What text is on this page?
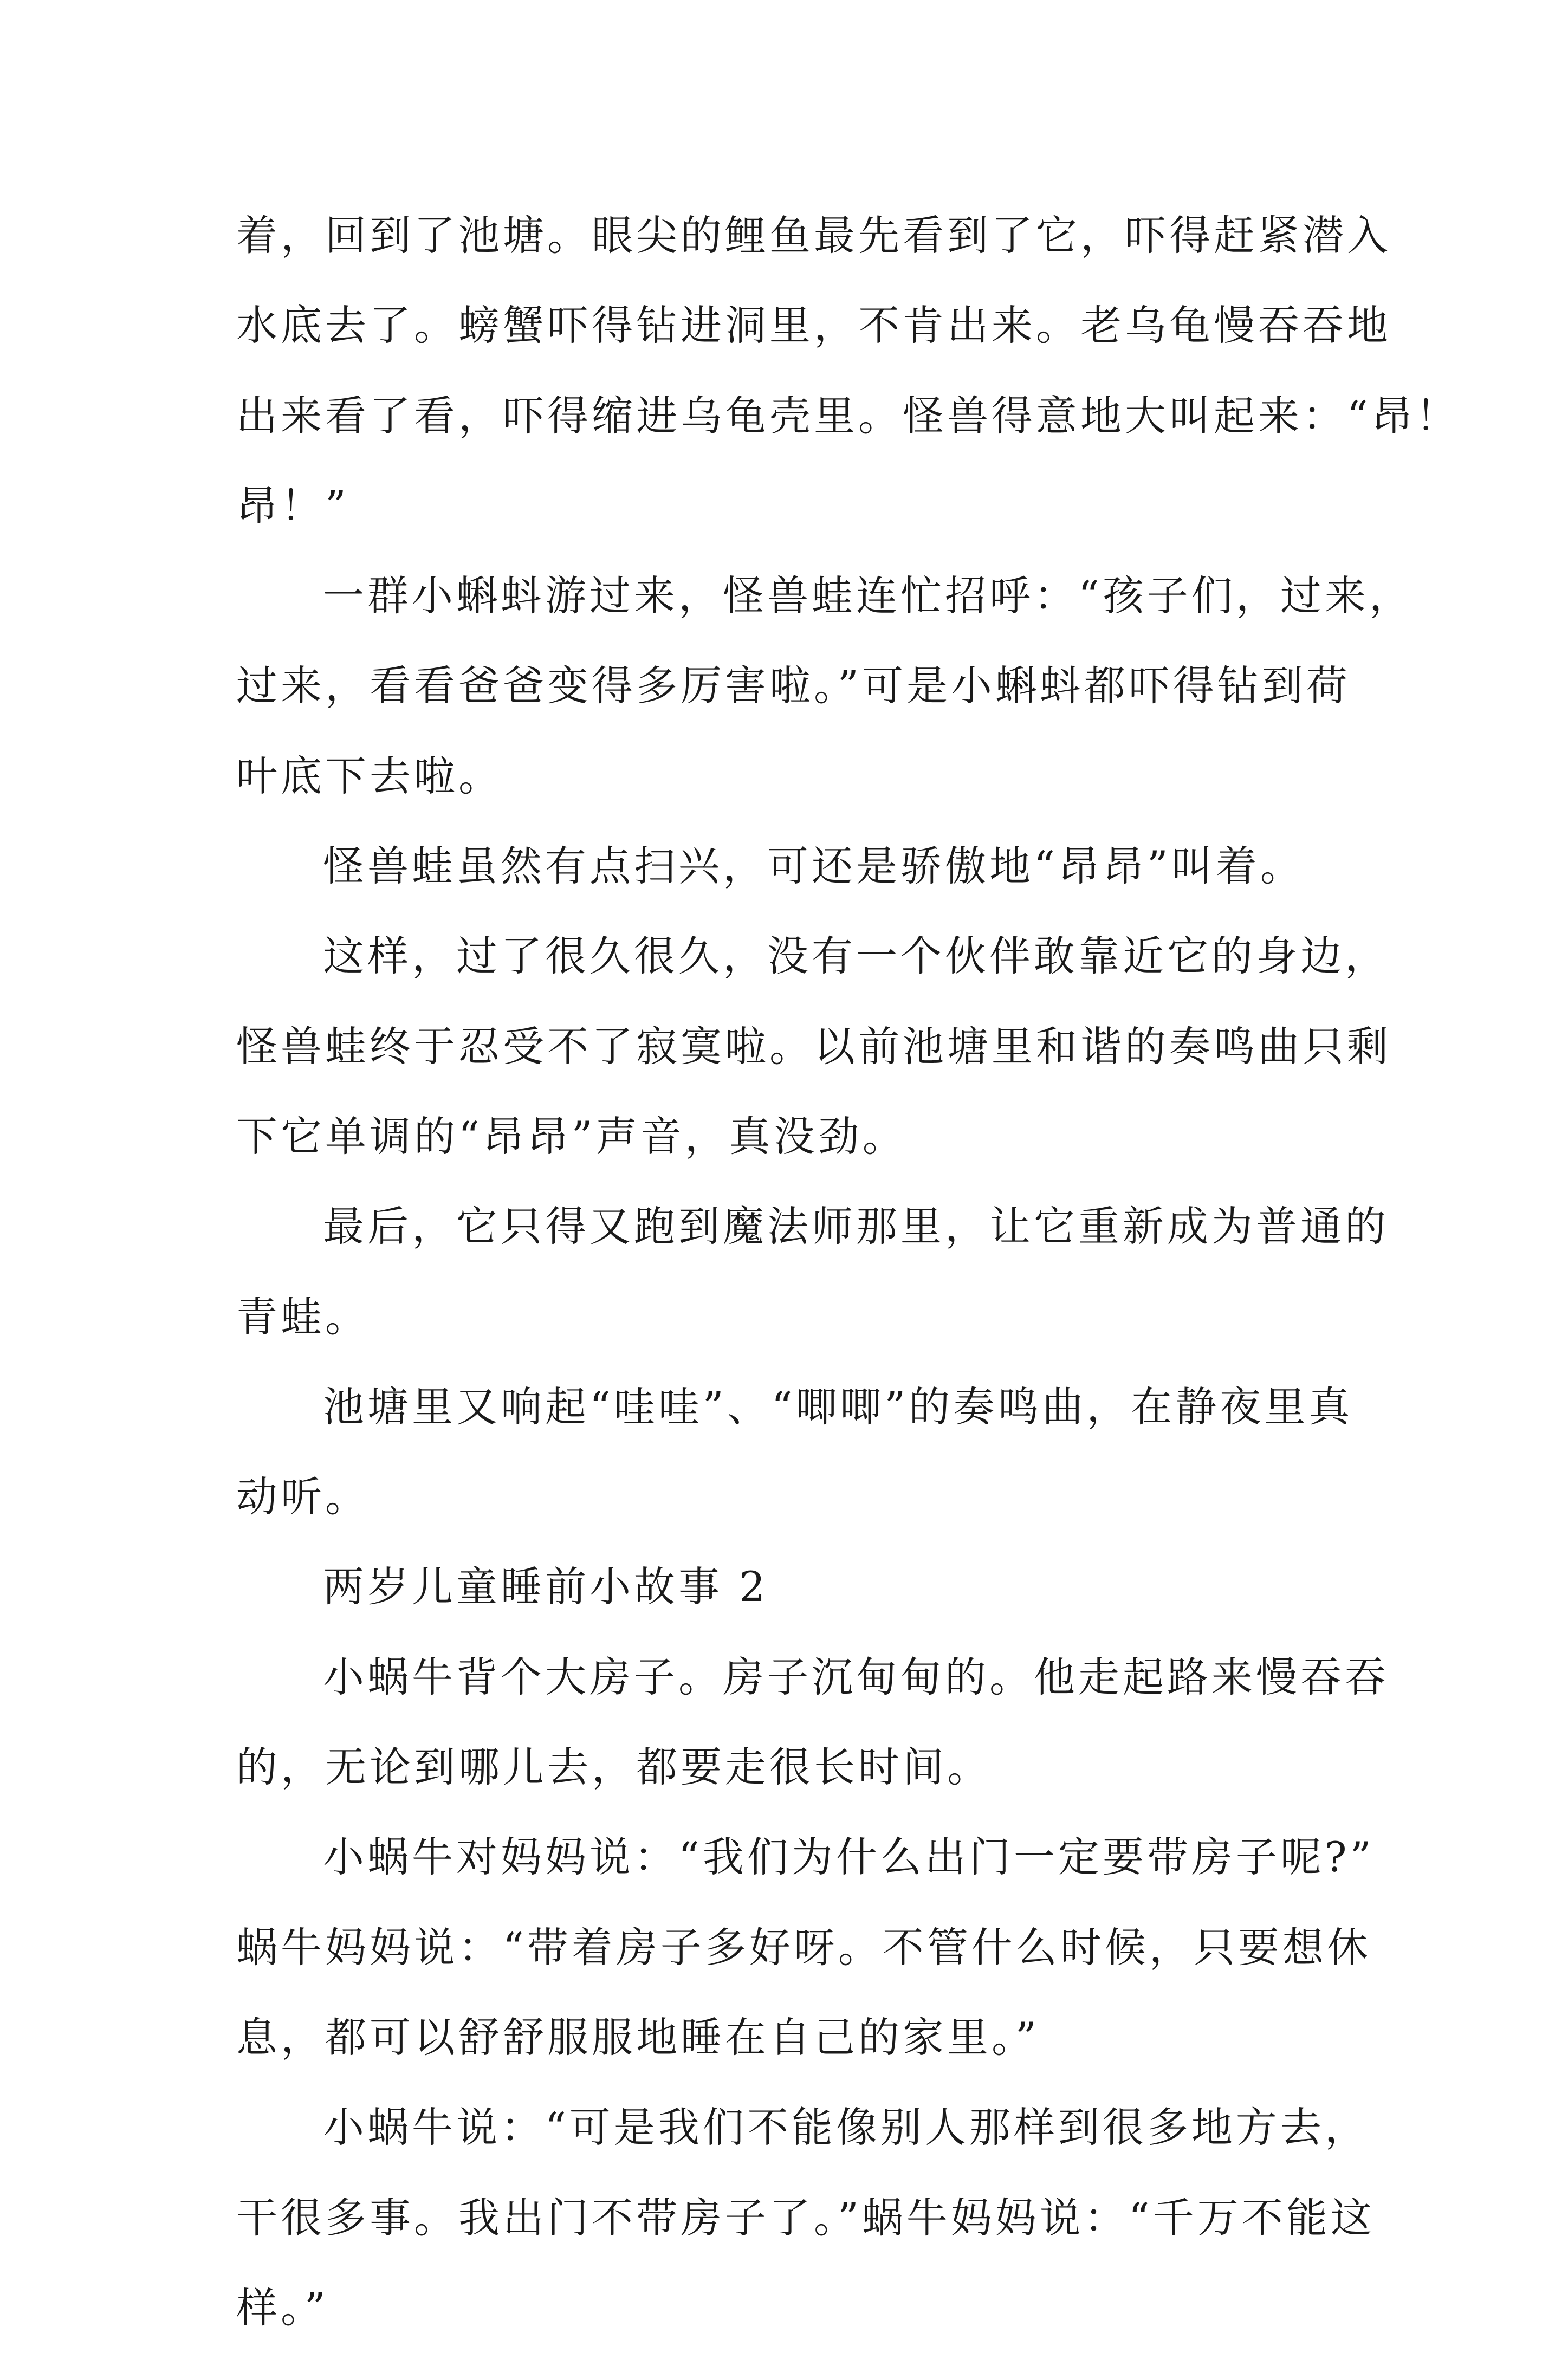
着，回到了池塘。眼尖的鲤鱼最先看到了它，吓得赶紧潜入
水底去了。螃蟹吓得钻进洞里，不肯出来。老乌龟慢吞吞地
出来看了看，吓得缩进乌龟壳里。怪兽得意地大叫起来：“昂！
昂！”

一群小蝌蚪游过来，怪兽蛙连忙招呼：“孩子们，过来，
过来，看看爸爸变得多厉害啦。”可是小蝌蚪都吓得钻到荷
叶底下去啦。

怪兽蛙虽然有点扫兴，可还是骄傲地“昂昂”叫着。

这样，过了很久很久，没有一个伙伴敢靠近它的身边，
怪兽蛙终于忍受不了寂寞啦。以前池塘里和谐的奏鸣曲只剩
下它单调的“昂昂”声音，真没劲。

最后，它只得又跑到魔法师那里，让它重新成为普通的
青蛙。

池塘里又响起“哇哇”、“唧唧”的奏鸣曲，在静夜里真
动听。

两岁儿童睡前小故事 2

小蜗牛背个大房子。房子沉甸甸的。他走起路来慢吞吞
的，无论到哪儿去，都要走很长时间。

小蜗牛对妈妈说：“我们为什么出门一定要带房子呢?”
蜗牛妈妈说：“带着房子多好呀。不管什么时候，只要想休
息，都可以舒舒服服地睡在自己的家里。”

小蜗牛说：“可是我们不能像别人那样到很多地方去，
干很多事。我出门不带房子了。”蜗牛妈妈说：“千万不能这
样。”
